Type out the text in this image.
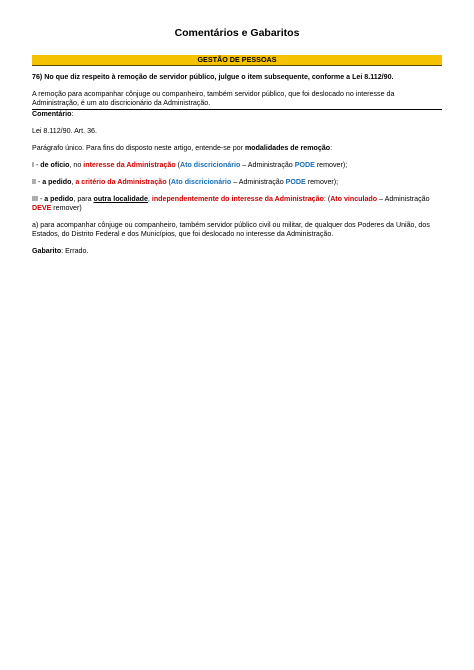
Comentários e Gabaritos
GESTÃO DE PESSOAS

76) No que diz respeito à remoção de servidor público, julgue o item subsequente, conforme a Lei 8.112/90.

A remoção para acompanhar cônjuge ou companheiro, também servidor público, que foi deslocado no interesse da Administração, é um ato discricionário da Administração.

Comentário:

Lei 8.112/90. Art. 36.

Parágrafo único. Para fins do disposto neste artigo, entende-se por modalidades de remoção:

I - de ofício, no interesse da Administração (Ato discricionário – Administração PODE remover);

II - a pedido, a critério da Administração (Ato discricionário – Administração PODE remover);

III - a pedido, para outra localidade, independentemente do interesse da Administração: (Ato vinculado – Administração DEVE remover)

a) para acompanhar cônjuge ou companheiro, também servidor público civil ou militar, de qualquer dos Poderes da União, dos Estados, do Distrito Federal e dos Municípios, que foi deslocado no interesse da Administração.

Gabarito: Errado.
